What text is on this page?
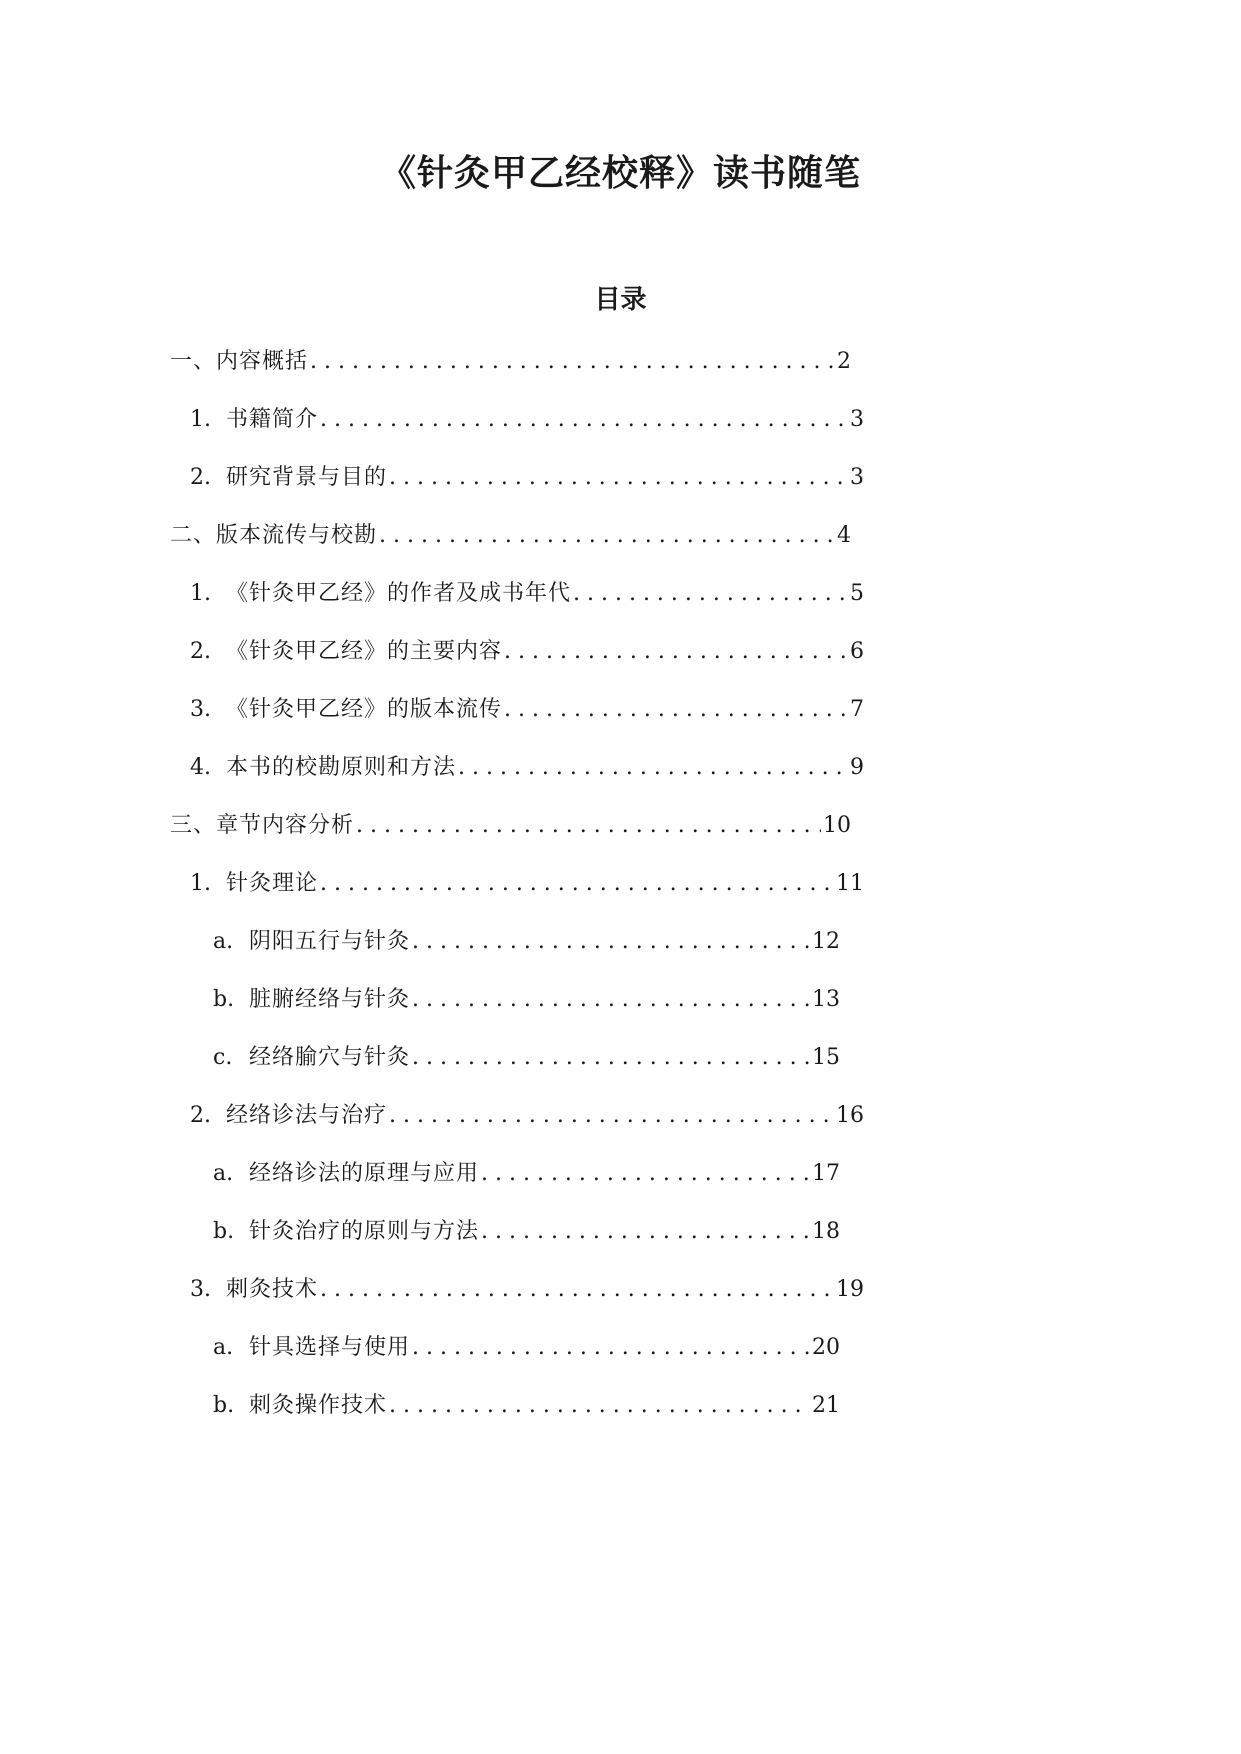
《针灸甲乙经校释》读书随笔
目录
一、内容概括 . . .	2
1. 书籍简介 . . .	3
2. 研究背景与目的 . . .	3
二、版本流传与校勘 . . .	4
1. 《针灸甲乙经》的作者及成书年代 . . .	5
2. 《针灸甲乙经》的主要内容 . . .	6
3. 《针灸甲乙经》的版本流传 . . .	7
4. 本书的校勘原则和方法 . . .	9
三、章节内容分析 . . .	10
1. 针灸理论 . . .	11
a. 阴阳五行与针灸 . . .	12
b. 脏腑经络与针灸 . . .	13
c. 经络腧穴与针灸 . . .	15
2. 经络诊法与治疗 . . .	16
a. 经络诊法的原理与应用 . . .	17
b. 针灸治疗的原则与方法 . . .	18
3. 刺灸技术 . . .	19
a. 针具选择与使用 . . .	20
b. 刺灸操作技术 . . .	21
